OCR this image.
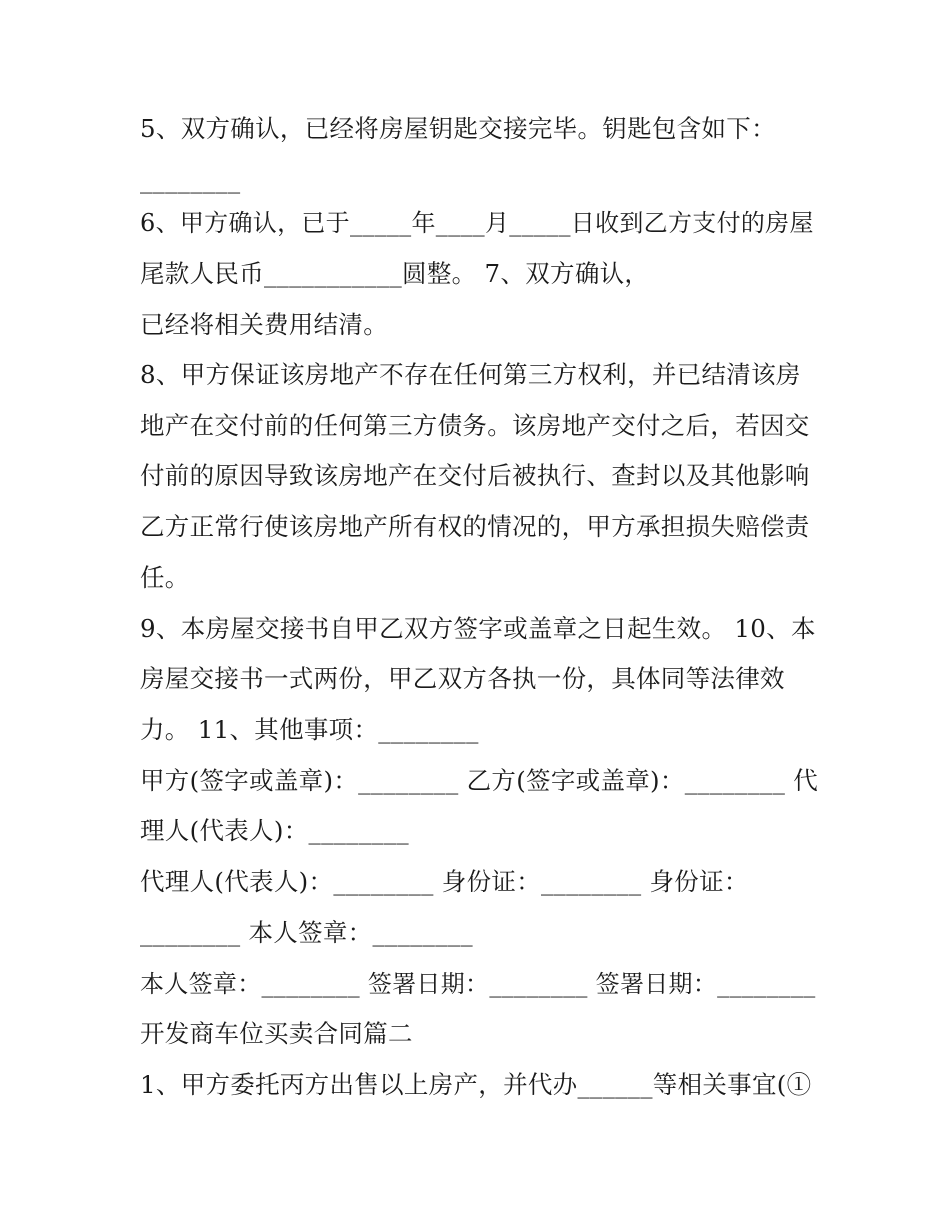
5、双方确认，已经将房屋钥匙交接完毕。钥匙包含如下：
________
6、甲方确认，已于_____年____月_____日收到乙方支付的房屋
尾款人民币___________圆整。 7、双方确认，
已经将相关费用结清。
8、甲方保证该房地产不存在任何第三方权利，并已结清该房
地产在交付前的任何第三方债务。该房地产交付之后，若因交
付前的原因导致该房地产在交付后被执行、查封以及其他影响
乙方正常行使该房地产所有权的情况的，甲方承担损失赔偿责
任。
9、本房屋交接书自甲乙双方签字或盖章之日起生效。 10、本
房屋交接书一式两份，甲乙双方各执一份，具体同等法律效
力。 11、其他事项：________
甲方(签字或盖章)：________ 乙方(签字或盖章)：________ 代
理人(代表人)：________
代理人(代表人)：________ 身份证：________ 身份证：
________ 本人签章：________
本人签章：________ 签署日期：________ 签署日期：________
开发商车位买卖合同篇二
1、甲方委托丙方出售以上房产，并代办______等相关事宜(①
